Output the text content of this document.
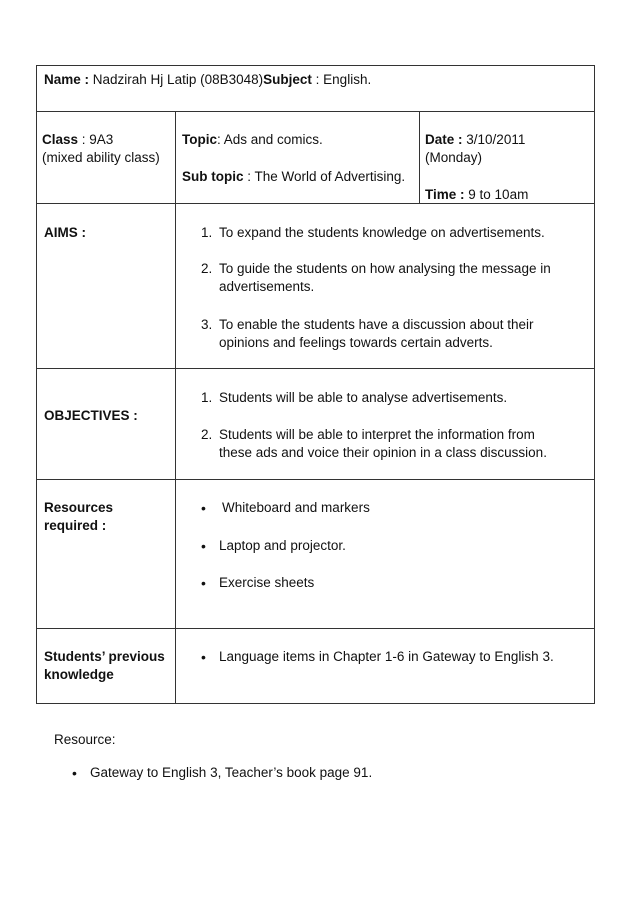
Name : Nadzirah Hj Latip (08B3048)Subject : English.
Class : 9A3
(mixed ability class)
Topic: Ads and comics.
Sub topic : The World of Advertising.
Date : 3/10/2011
(Monday)
Time : 9 to 10am
AIMS :	1. To expand the students knowledge on advertisements.
2. To guide the students on how analysing the message in
advertisements.
3. To enable the students have a discussion about their
opinions and feelings towards certain adverts.
OBJECTIVES :
1. Students will be able to analyse advertisements.
2. Students will be able to interpret the information from
these ads and voice their opinion in a class discussion.
Resources
required :
• Whiteboard and markers
• Laptop and projector.
• Exercise sheets
Students’ previous
knowledge
• Language items in Chapter 1-6 in Gateway to English 3.
Resource:
• Gateway to English 3, Teacher’s book page 91.
